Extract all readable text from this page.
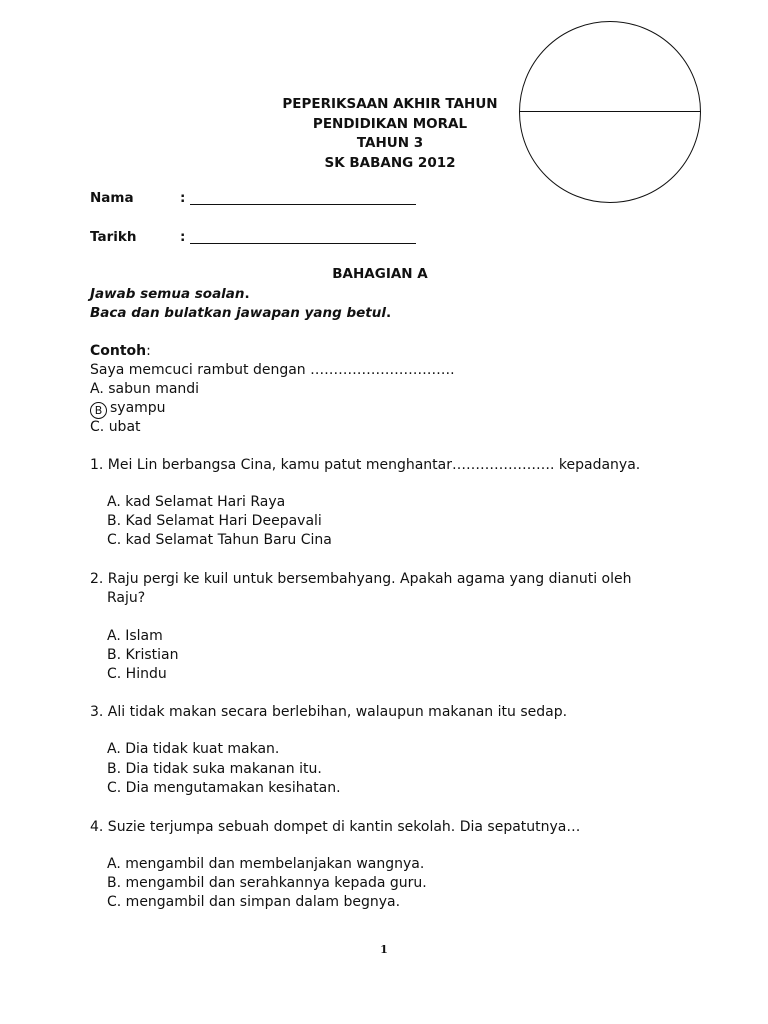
PEPERIKSAAN AKHIR TAHUN
PENDIDIKAN MORAL
TAHUN 3
SK BABANG 2012
Nama	:
Tarikh	:
BAHAGIAN A
Jawab semua soalan.
Baca dan bulatkan jawapan yang betul.
Contoh:
Saya memcuci rambut dengan ………………………….
A. sabun mandi
B syampu
C. ubat
1. Mei Lin berbangsa Cina, kamu patut menghantar…………………. kepadanya.
A. kad Selamat Hari Raya
B. Kad Selamat Hari Deepavali
C. kad Selamat Tahun Baru Cina
2. Raju pergi ke kuil untuk bersembahyang. Apakah agama yang dianuti oleh
Raju?
A. Islam
B. Kristian
C. Hindu
3. Ali tidak makan secara berlebihan, walaupun makanan itu sedap.
A. Dia tidak kuat makan.
B. Dia tidak suka makanan itu.
C. Dia mengutamakan kesihatan.
4. Suzie terjumpa sebuah dompet di kantin sekolah. Dia sepatutnya…
A. mengambil dan membelanjakan wangnya.
B. mengambil dan serahkannya kepada guru.
C. mengambil dan simpan dalam begnya.
1
